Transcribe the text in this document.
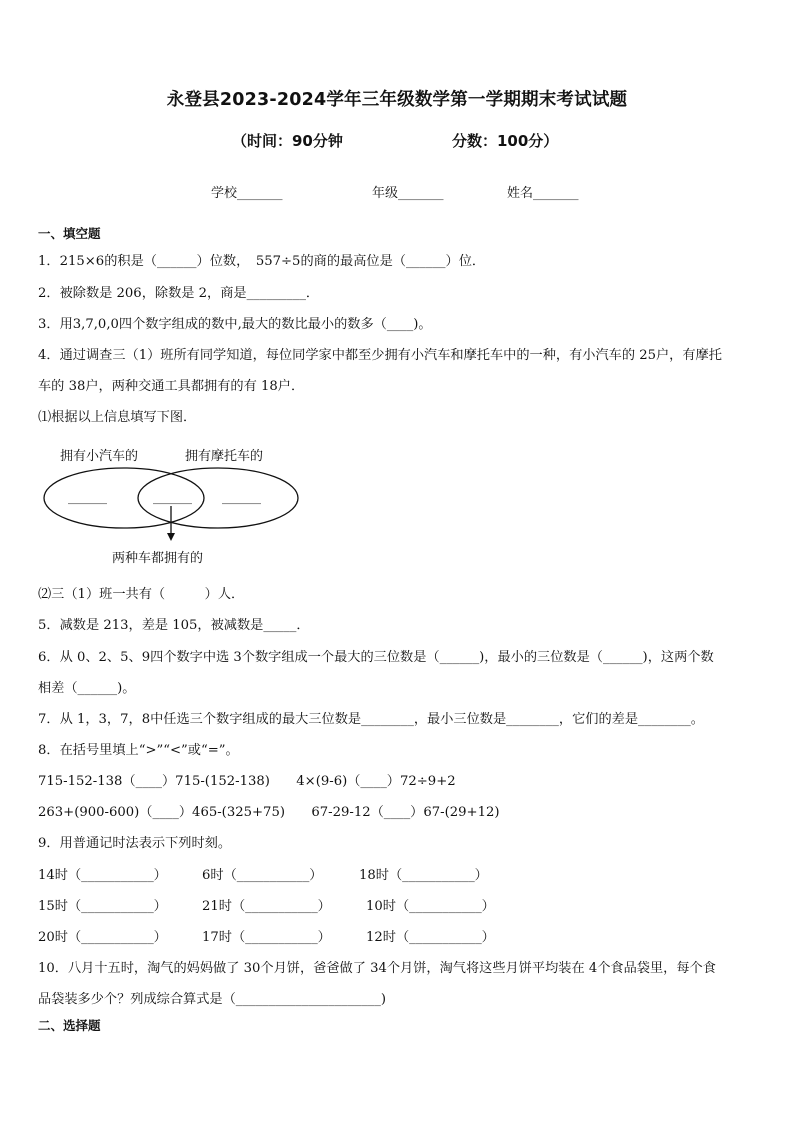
永登县2023-2024学年三年级数学第一学期期末考试试题
（时间：90分钟	分数：100分）
学校_______	年级_______	姓名_______
一、填空题
1．215×6的积是（______）位数，　557÷5的商的最高位是（______）位．
2．被除数是 206，除数是 2，商是_________．
3．用3,7,0,0四个数字组成的数中,最大的数比最小的数多（____)。
4．通过调查三（1）班所有同学知道，每位同学家中都至少拥有小汽车和摩托车中的一种，有小汽车的 25户，有摩托
车的 38户，两种交通工具都拥有的有 18户．
⑴根据以上信息填写下图．
拥有小汽车的	拥有摩托车的
______	______ ______
两种车都拥有的
⑵三（1）班一共有（　　　）人．
5．减数是 213，差是 105，被减数是_____．
6．从 0、2、5、9四个数字中选 3个数字组成一个最大的三位数是（______)，最小的三位数是（______)，这两个数
相差（______)。
7．从 1，3，7，8中任选三个数字组成的最大三位数是________，最小三位数是________，它们的差是________。
8．在括号里填上“>”“<”或“=”。
715-152-138（____）715-(152-138)　　4×(9-6)（____）72÷9+2
263+(900-600)（____）465-(325+75)　　67-29-12（____）67-(29+12)
9．用普通记时法表示下列时刻。
14时（___________）	6时（___________）	18时（___________）
15时（___________）	21时（___________）	10时（___________）
20时（___________）	17时（___________）	12时（___________）
10．八月十五时，淘气的妈妈做了 30个月饼，爸爸做了 34个月饼，淘气将这些月饼平均装在 4个食品袋里，每个食
品袋装多少个？列成综合算式是（______________________)
二、选择题
